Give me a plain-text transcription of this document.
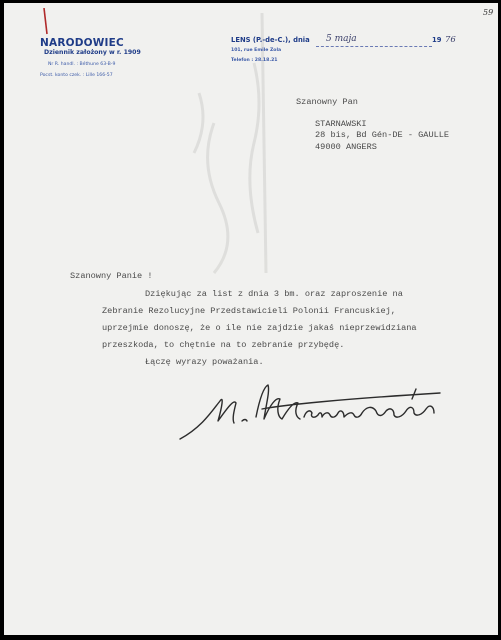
59
NARODOWIEC
Dziennik założony w r. 1909
Nr R. handl. : Béthune 63-B-9
Pocst. konto czek. : Lille 166-57
LENS (P.-de-C.), dnia 5 maja	19 76
101, rue Emile Zola
Telefon : 28.18.21
Szanowny Pan
STARNAWSKI
28 bis, Bd Gén-DE - GAULLE
49000 ANGERS
Szanowny Panie !
Dziękując za list z dnia 3 bm. oraz zaproszenie na
Zebranie Rezolucyjne Przedstawicieli Polonii Francuskiej,
uprzejmie donoszę, że o ile nie zajdzie jakaś nieprzewidziana
przeszkoda, to chętnie na to zebranie przybędę.
Łączę wyrazy poważania.
